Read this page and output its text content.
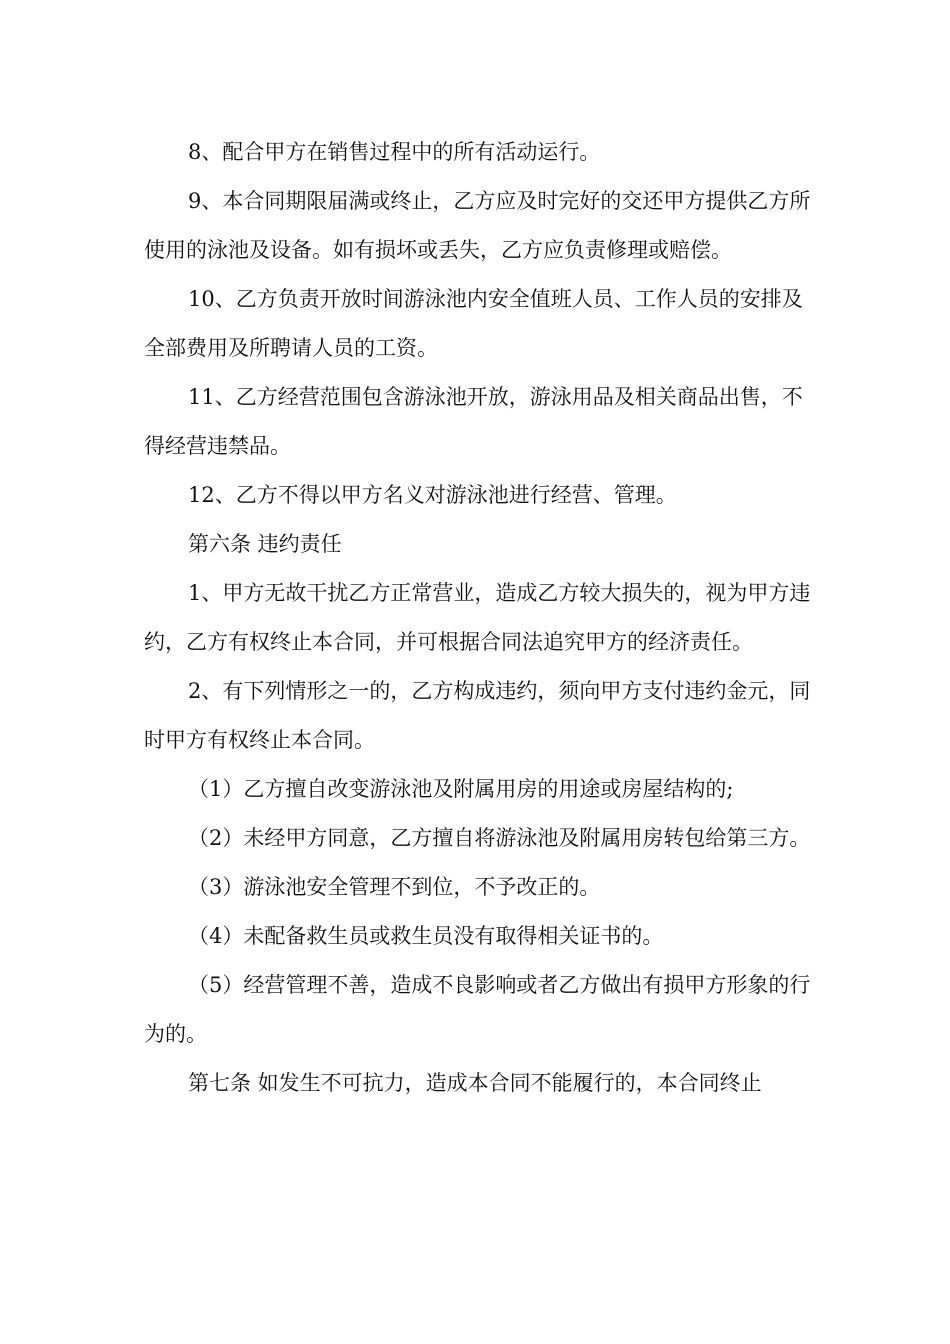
8、配合甲方在销售过程中的所有活动运行。

9、本合同期限届满或终止，乙方应及时完好的交还甲方提供乙方所使用的泳池及设备。如有损坏或丢失，乙方应负责修理或赔偿。

10、乙方负责开放时间游泳池内安全值班人员、工作人员的安排及全部费用及所聘请人员的工资。

11、乙方经营范围包含游泳池开放，游泳用品及相关商品出售，不得经营违禁品。

12、乙方不得以甲方名义对游泳池进行经营、管理。

第六条 违约责任

1、甲方无故干扰乙方正常营业，造成乙方较大损失的，视为甲方违约，乙方有权终止本合同，并可根据合同法追究甲方的经济责任。

2、有下列情形之一的，乙方构成违约，须向甲方支付违约金元，同时甲方有权终止本合同。

（1）乙方擅自改变游泳池及附属用房的用途或房屋结构的;

（2）未经甲方同意，乙方擅自将游泳池及附属用房转包给第三方。

（3）游泳池安全管理不到位，不予改正的。

（4）未配备救生员或救生员没有取得相关证书的。

（5）经营管理不善，造成不良影响或者乙方做出有损甲方形象的行为的。

第七条 如发生不可抗力，造成本合同不能履行的，本合同终止
